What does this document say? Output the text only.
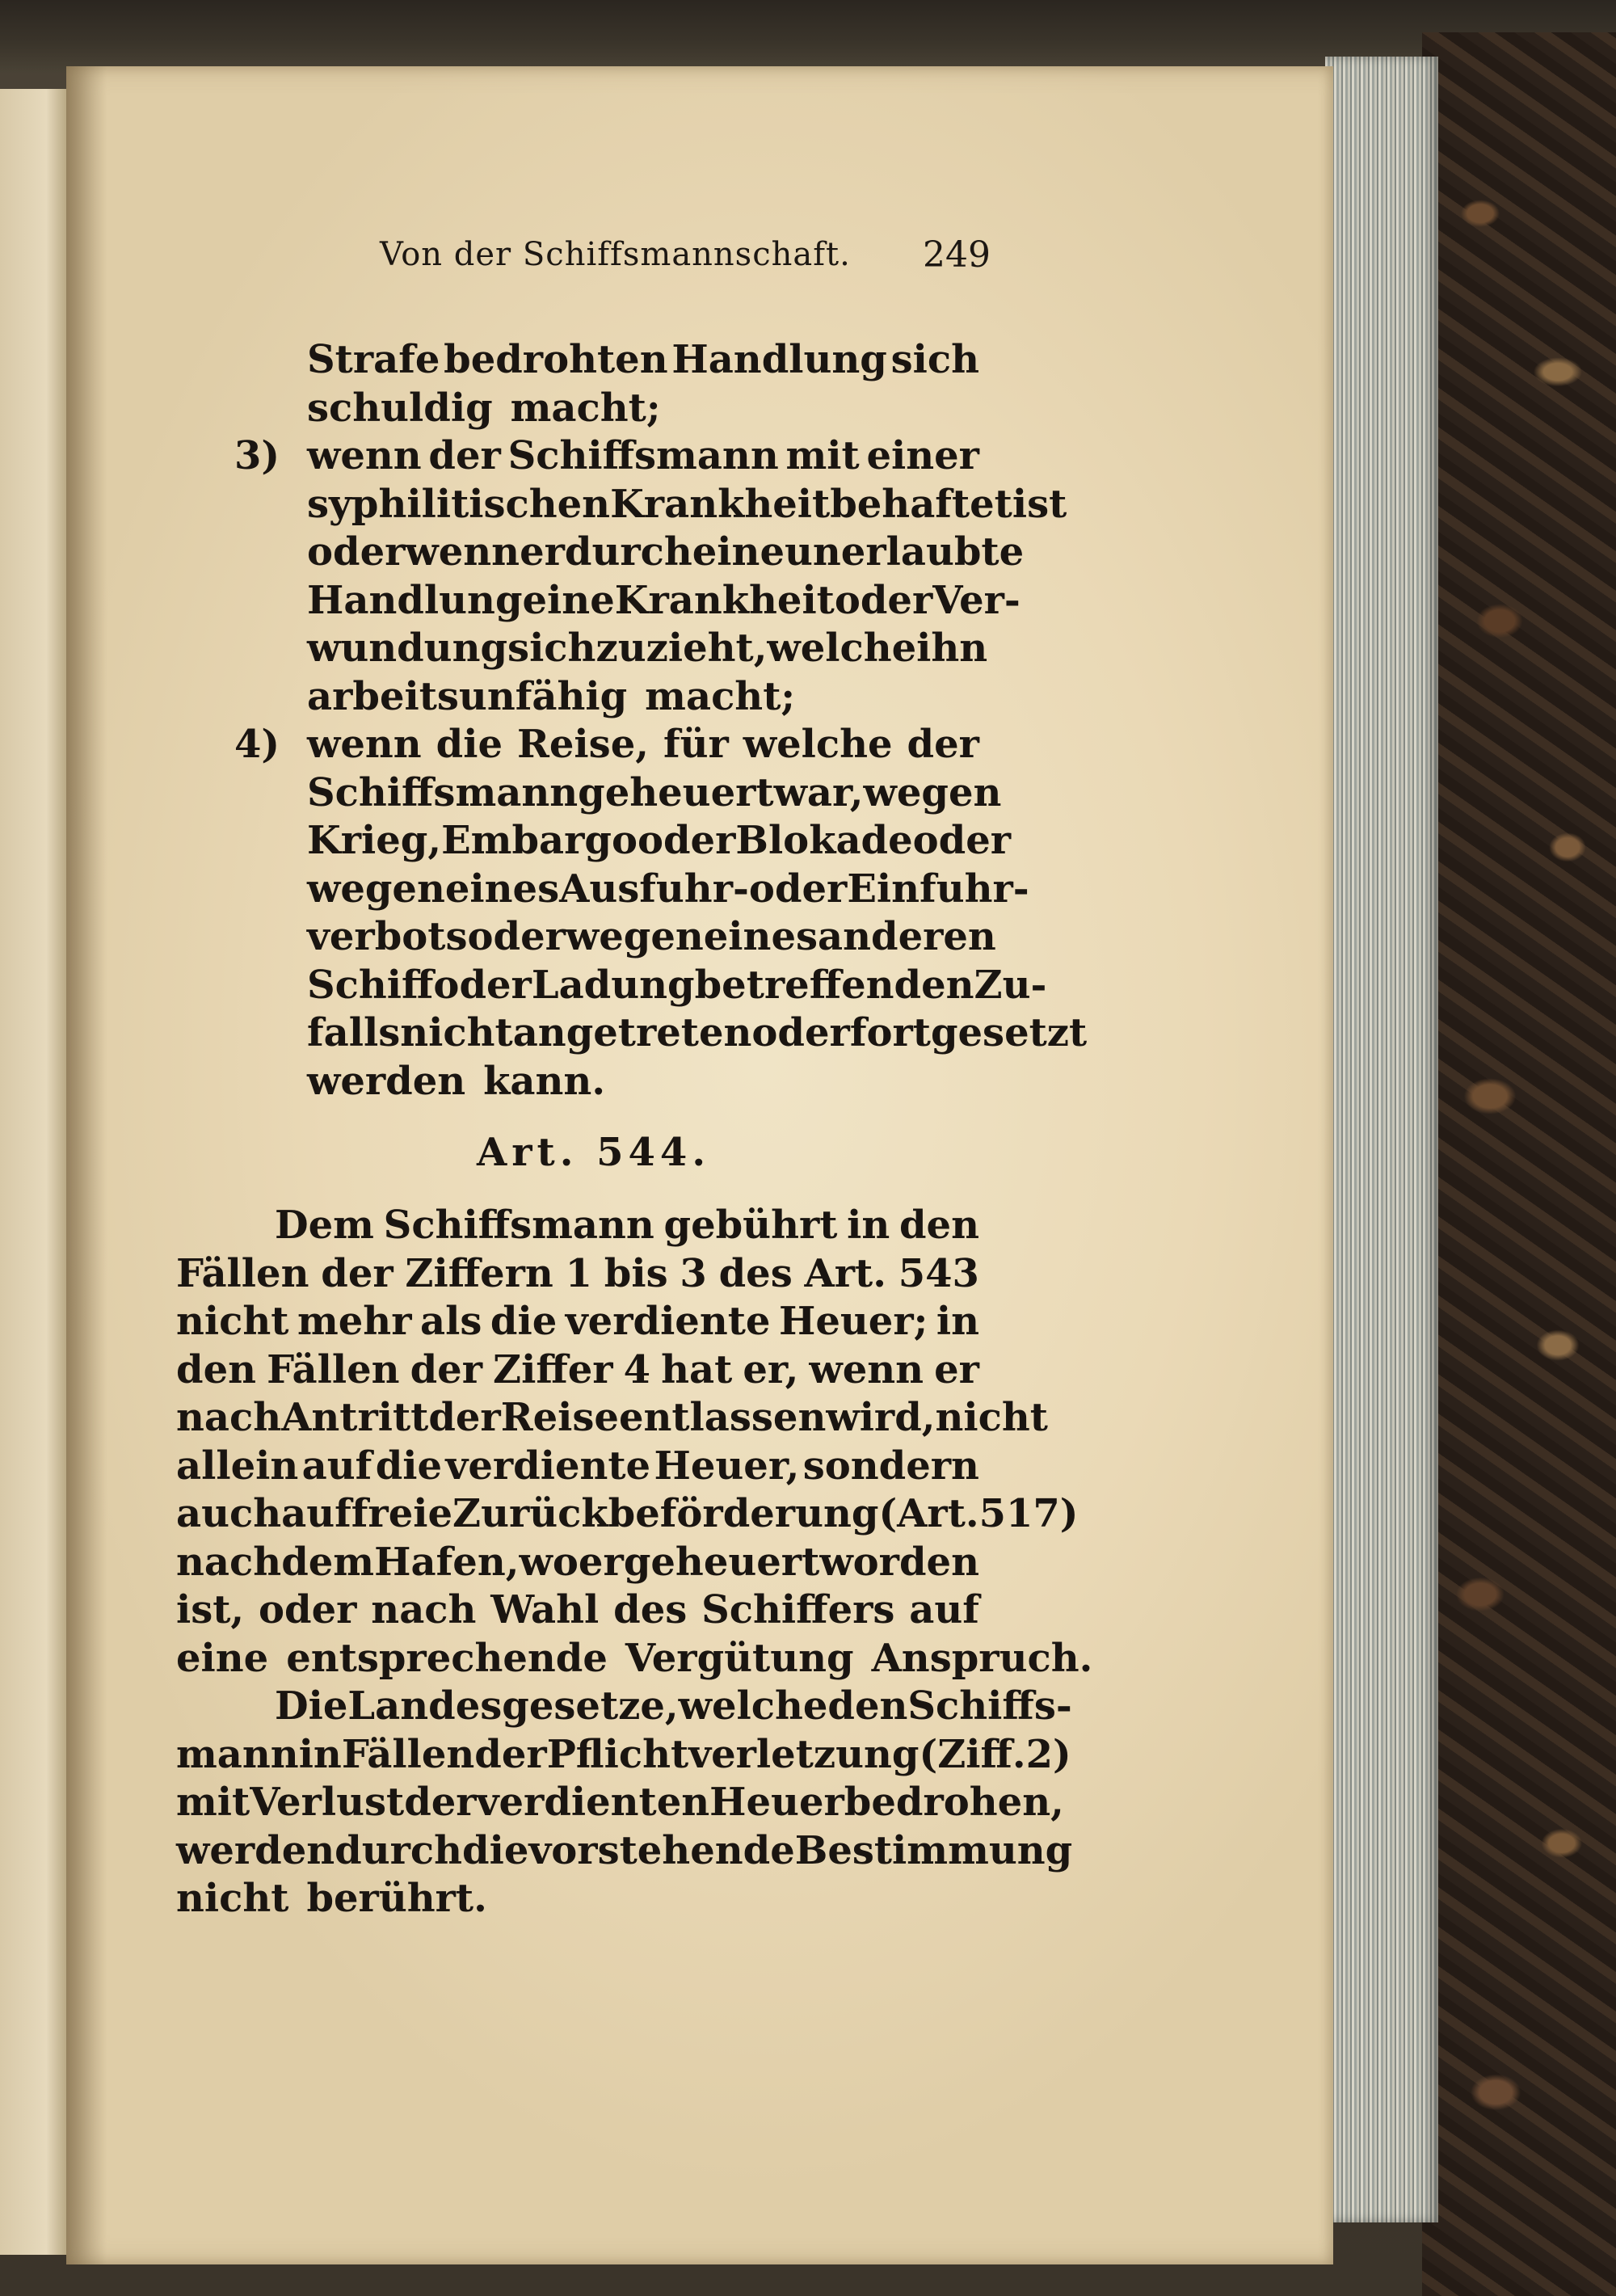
Von der Schiffsmannschaft. 249
Strafe bedrohten Handlung sich
schuldig macht;
3) wenn der Schiffsmann mit einer
syphilitischen Krankheit behaftet ist
oder wenn er durch eine unerlaubte
Handlung eine Krankheit oder Ver-
wundung sich zuzieht, welche ihn
arbeitsunfähig macht;
4) wenn die Reise, für welche der
Schiffsmann geheuert war, wegen
Krieg, Embargo oder Blokade oder
wegen eines Ausfuhr- oder Einfuhr-
verbots oder wegen eines anderen
Schiff oder Ladung betreffenden Zu-
falls nicht angetreten oder fortgesetzt
werden kann.
Art. 544.
Dem Schiffsmann gebührt in den
Fällen der Ziffern 1 bis 3 des Art. 543
nicht mehr als die verdiente Heuer; in
den Fällen der Ziffer 4 hat er, wenn er
nach Antritt der Reise entlassen wird, nicht
allein auf die verdiente Heuer, sondern
auch auf freie Zurückbeförderung (Art. 517)
nach dem Hafen, wo er geheuert worden
ist, oder nach Wahl des Schiffers auf
eine entsprechende Vergütung Anspruch.
Die Landesgesetze, welche den Schiffs-
mann in Fällen der Pflichtverletzung (Ziff. 2)
mit Verlust der verdienten Heuer bedrohen,
werden durch die vorstehende Bestimmung
nicht berührt.
